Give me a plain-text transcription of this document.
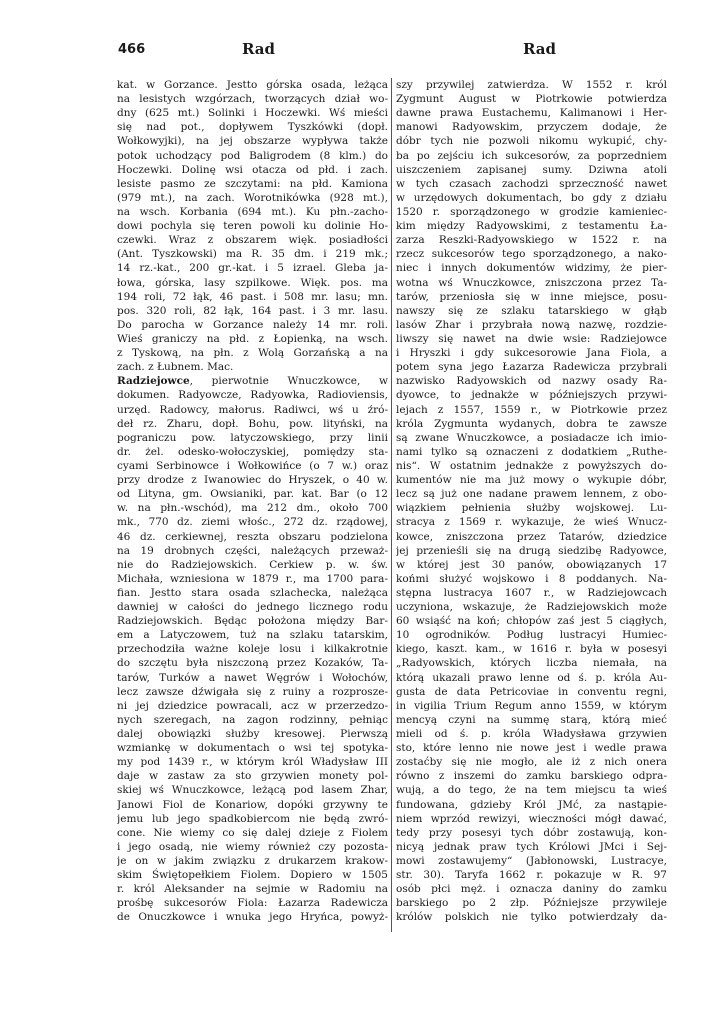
466	Rad	Rad
kat. w Gorzance. Jestto górska osada, leżąca
na lesistych wzgórzach, tworzących dział wo-
dny (625 mt.) Solinki i Hoczewki. Wś mieści
się nad pot., dopływem Tyszkówki (dopł.
Wołkowyjki), na jej obszarze wypływa także
potok uchodzący pod Baligrodem (8 klm.) do
Hoczewki. Dolinę wsi otacza od płd. i zach.
lesiste pasmo ze szczytami: na płd. Kamiona
(979 mt.), na zach. Worotnikówka (928 mt.),
na wsch. Korbania (694 mt.). Ku płn.-zacho-
dowi pochyla się teren powoli ku dolinie Ho-
czewki. Wraz z obszarem więk. posiadłości
(Ant. Tyszkowski) ma R. 35 dm. i 219 mk.;
14 rz.-kat., 200 gr.-kat. i 5 izrael. Gleba ja-
łowa, górska, lasy szpilkowe. Więk. pos. ma
194 roli, 72 łąk, 46 past. i 508 mr. lasu; mn.
pos. 320 roli, 82 łąk, 164 past. i 3 mr. lasu.
Do parocha w Gorzance należy 14 mr. roli.
Wieś graniczy na płd. z Łopienką, na wsch.
z Tyskową, na płn. z Wolą Gorzańską a na
zach. z Łubnem. Mac.
Radziejowce, pierwotnie Wnuczkowce, w
dokumen. Radyowcze, Radyowka, Radioviensis,
urzęd. Radowcy, małorus. Radiwci, wś u źró-
deł rz. Zharu, dopł. Bohu, pow. lityński, na
pograniczu pow. latyczowskiego, przy linii
dr. żel. odesko-wołoczyskiej, pomiędzy sta-
cyami Serbinowce i Wołkowińce (o 7 w.) oraz
przy drodze z Iwanowiec do Hryszek, o 40 w.
od Lityna, gm. Owsianiki, par. kat. Bar (o 12
w. na płn.-wschód), ma 212 dm., około 700
mk., 770 dz. ziemi włośc., 272 dz. rządowej,
46 dz. cerkiewnej, reszta obszaru podzielona
na 19 drobnych części, należących przeważ-
nie do Radziejowskich. Cerkiew p. w. św.
Michała, wzniesiona w 1879 r., ma 1700 para-
fian. Jestto stara osada szlachecka, należąca
dawniej w całości do jednego licznego rodu
Radziejowskich. Będąc położona między Bar-
em a Latyczowem, tuż na szlaku tatarskim,
przechodziła ważne koleje losu i kilkakrotnie
do szczętu była niszczoną przez Kozaków, Ta-
tarów, Turków a nawet Węgrów i Wołochów,
lecz zawsze dźwigała się z ruiny a rozprosze-
ni jej dziedzice powracali, acz w przerzedzo-
nych szeregach, na zagon rodzinny, pełniąc
dalej obowiązki służby kresowej. Pierwszą
wzmiankę w dokumentach o wsi tej spotyka-
my pod 1439 r., w którym król Władysław III
daje w zastaw za sto grzywien monety pol-
skiej wś Wnuczkowce, leżącą pod lasem Zhar,
Janowi Fiol de Konariow, dopóki grzywny te
jemu lub jego spadkobiercom nie będą zwró-
cone. Nie wiemy co się dalej dzieje z Fiolem
i jego osadą, nie wiemy również czy pozosta-
je on w jakim związku z drukarzem krakow-
skim Świętopełkiem Fiolem. Dopiero w 1505
r. król Aleksander na sejmie w Radomiu na
prośbę sukcesorów Fiola: Łazarza Radewicza
de Onuczkowce i wnuka jego Hryńca, powyż-
szy przywilej zatwierdza. W 1552 r. król
Zygmunt August w Piotrkowie potwierdza
dawne prawa Eustachemu, Kalimanowi i Her-
manowi Radyowskim, przyczem dodaje, że
dóbr tych nie pozwoli nikomu wykupić, chy-
ba po zejściu ich sukcesorów, za poprzedniem
uiszczeniem zapisanej sumy. Dziwna atoli
w tych czasach zachodzi sprzeczność nawet
w urzędowych dokumentach, bo gdy z działu
1520 r. sporządzonego w grodzie kamieniec-
kim między Radyowskimi, z testamentu Ła-
zarza Reszki-Radyowskiego w 1522 r. na
rzecz sukcesorów tego sporządzonego, a nako-
niec i innych dokumentów widzimy, że pier-
wotna wś Wnuczkowce, zniszczona przez Ta-
tarów, przeniosła się w inne miejsce, posu-
nawszy się ze szlaku tatarskiego w głąb
lasów Zhar i przybrała nową nazwę, rozdzie-
liwszy się nawet na dwie wsie: Radziejowce
i Hryszki i gdy sukcesorowie Jana Fiola, a
potem syna jego Łazarza Radewicza przybrali
nazwisko Radyowskich od nazwy osady Ra-
dyowce, to jednakże w późniejszych przywi-
lejach z 1557, 1559 r., w Piotrkowie przez
króla Zygmunta wydanych, dobra te zawsze
są zwane Wnuczkowce, a posiadacze ich imio-
nami tylko są oznaczeni z dodatkiem „Ruthe-
nis“. W ostatnim jednakże z powyższych do-
kumentów nie ma już mowy o wykupie dóbr,
lecz są już one nadane prawem lennem, z obo-
wiązkiem pełnienia służby wojskowej. Lu-
stracya z 1569 r. wykazuje, że wieś Wnucz-
kowce, zniszczona przez Tatarów, dziedzice
jej przenieśli się na drugą siedzibę Radyowce,
w której jest 30 panów, obowiązanych 17
końmi służyć wojskowo i 8 poddanych. Na-
stępna lustracya 1607 r., w Radziejowcach
uczyniona, wskazuje, że Radziejowskich może
60 wsiąść na koń; chłopów zaś jest 5 ciągłych,
10 ogrodników. Podług lustracyi Humiec-
kiego, kaszt. kam., w 1616 r. była w posesyi
„Radyowskich, których liczba niemała, na
którą ukazali prawo lenne od ś. p. króla Au-
gusta de data Petricoviae in conventu regni,
in vigilia Trium Regum anno 1559, w którym
mencyą czyni na summę starą, którą mieć
mieli od ś. p. króla Władysława grzywien
sto, które lenno nie nowe jest i wedle prawa
zostaćby się nie mogło, ale iż z nich onera
równo z inszemi do zamku barskiego odpra-
wują, a do tego, że na tem miejscu ta wieś
fundowana, gdzieby Król JMć, za nastąpie-
niem wprzód rewizyi, wieczności mógł dawać,
tedy przy posesyi tych dóbr zostawują, kon-
nicyą jednak praw tych Królowi JMci i Sej-
mowi zostawujemy“ (Jabłonowski, Lustracye,
str. 30). Taryfa 1662 r. pokazuje w R. 97
osób płci męż. i oznacza daniny do zamku
barskiego po 2 złp. Późniejsze przywileje
królów polskich nie tylko potwierdzały da-
